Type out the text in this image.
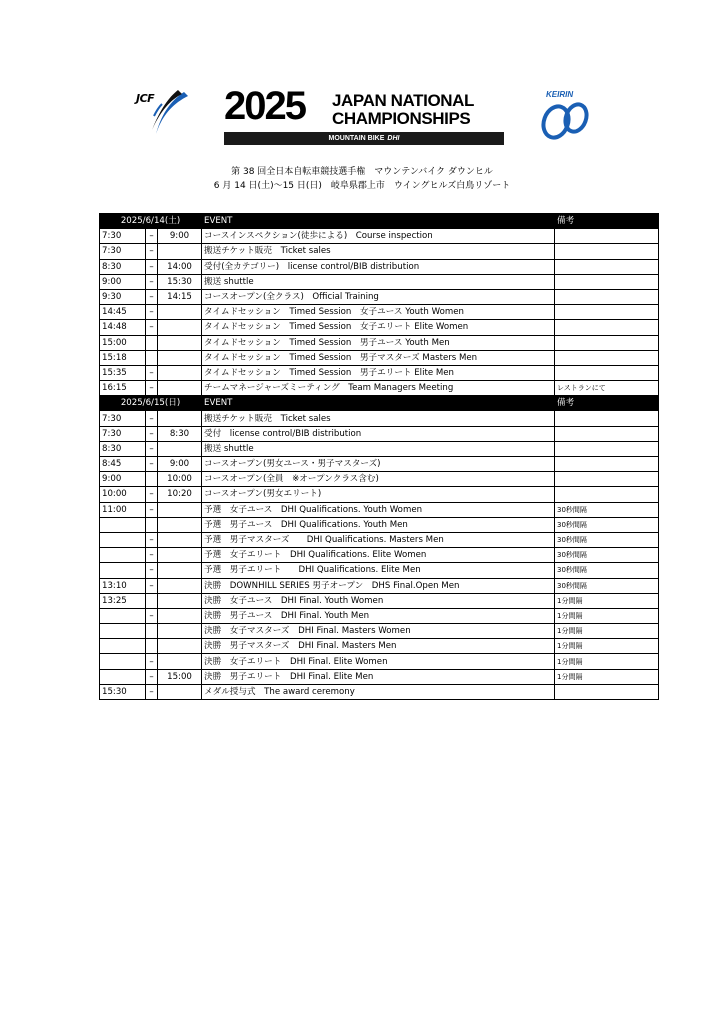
JCF 2025 JAPAN NATIONAL
CHAMPIONSHIPS
MOUNTAIN BIKE DHI
KEIRIN
第 38 回全日本自転車競技選手権　マウンテンバイク ダウンヒル
6 月 14 日(土)～15 日(日)　岐阜県郡上市　ウイングヒルズ白鳥リゾート
2025/6/14(土)			EVENT	備考
7:30	–	9:00	コースインスペクション(徒歩による)　Course inspection	
7:30	–		搬送チケット販売　Ticket sales	
8:30	–	14:00	受付(全カテゴリー)　license control/BIB distribution	
9:00	–	15:30	搬送 shuttle	
9:30	–	14:15	コースオープン(全クラス)　Official Training	
14:45	–		タイムドセッション　Timed Session　女子ユース Youth Women	
14:48	–		タイムドセッション　Timed Session　女子エリート Elite Women	
15:00			タイムドセッション　Timed Session　男子ユース Youth Men	
15:18			タイムドセッション　Timed Session　男子マスターズ Masters Men	
15:35	–		タイムドセッション　Timed Session　男子エリート Elite Men	
16:15	–		チームマネージャーズミーティング　Team Managers Meeting	レストランにて
2025/6/15(日)			EVENT	備考
7:30	–		搬送チケット販売　Ticket sales	
7:30	–	8:30	受付　license control/BIB distribution	
8:30	–		搬送 shuttle	
8:45	–	9:00	コースオープン(男女ユース・男子マスターズ)	
9:00		10:00	コースオープン(全員　※オープンクラス含む)	
10:00	–	10:20	コースオープン(男女エリート)	
11:00	–		予選　女子ユース　DHI Qualifications. Youth Women	30秒間隔
			予選　男子ユース　DHI Qualifications. Youth Men	30秒間隔
	–		予選　男子マスターズ　　DHI Qualifications. Masters Men	30秒間隔
	–		予選　女子エリート　DHI Qualifications. Elite Women	30秒間隔
	–		予選　男子エリート　　DHI Qualifications. Elite Men	30秒間隔
13:10	–		決勝　DOWNHILL SERIES 男子オープン　DHS Final.Open Men	30秒間隔
13:25			決勝　女子ユース　DHI Final. Youth Women	1分間隔
	–		決勝　男子ユース　DHI Final. Youth Men	1分間隔
			決勝　女子マスターズ　DHI Final. Masters Women	1分間隔
			決勝　男子マスターズ　DHI Final. Masters Men	1分間隔
	–		決勝　女子エリート　DHI Final. Elite Women	1分間隔
	–	15:00	決勝　男子エリート　DHI Final. Elite Men	1分間隔
15:30	–		メダル授与式　The award ceremony	
